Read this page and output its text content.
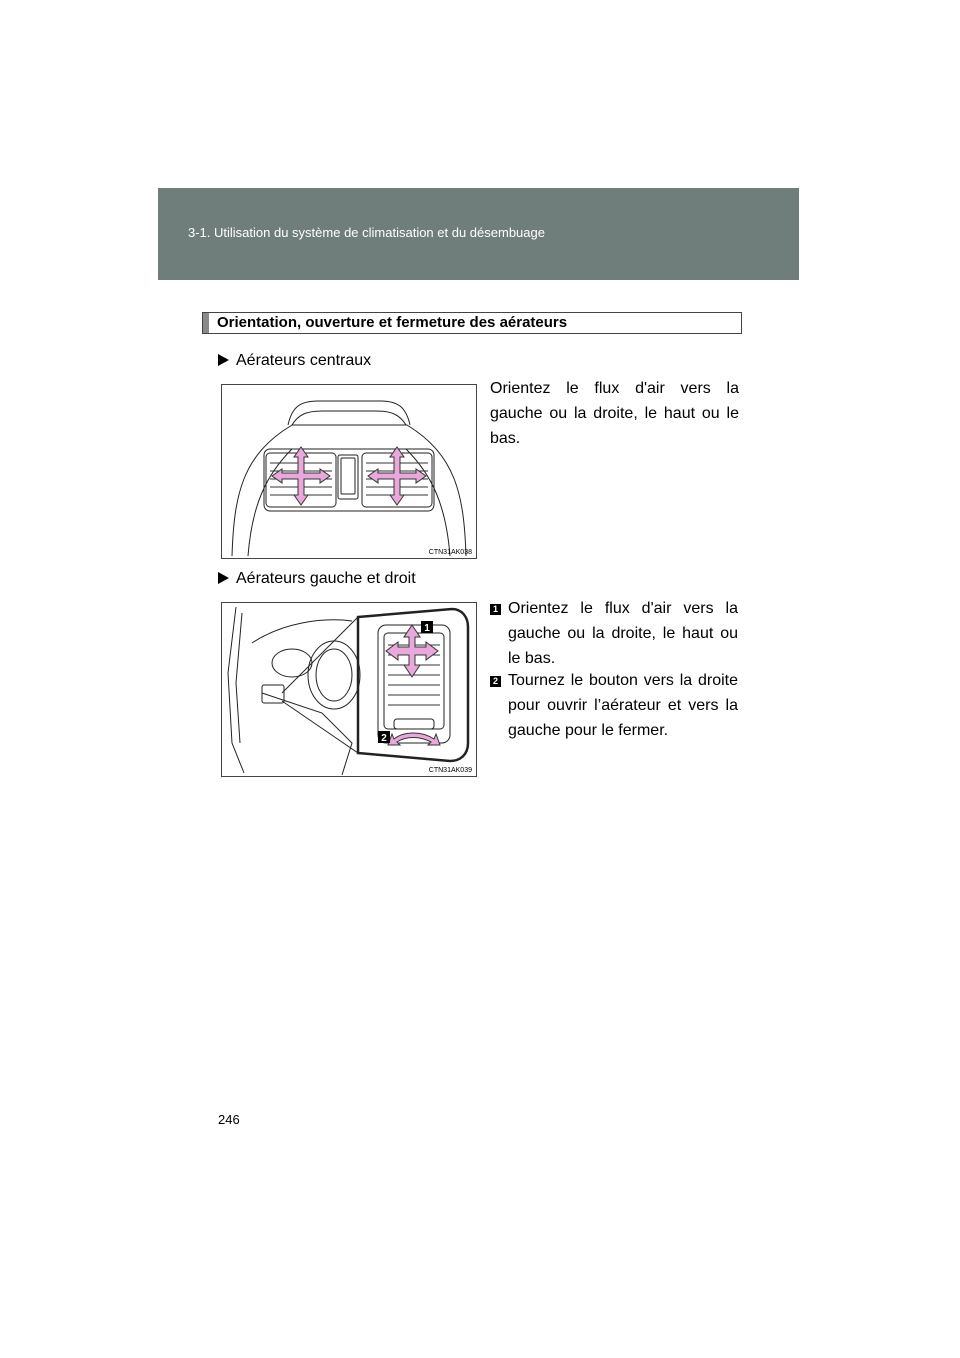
3-1. Utilisation du système de climatisation et du désembuage
Orientation, ouverture et fermeture des aérateurs
Aérateurs centraux
Orientez le flux d'air vers la gauche ou la droite, le haut ou le bas.
CTN31AK038
Aérateurs gauche et droit
1 Orientez le flux d'air vers la gauche ou la droite, le haut ou le bas.
2 Tournez le bouton vers la droite pour ouvrir l’aérateur et vers la gauche pour le fermer.
1
2
CTN31AK039
246
